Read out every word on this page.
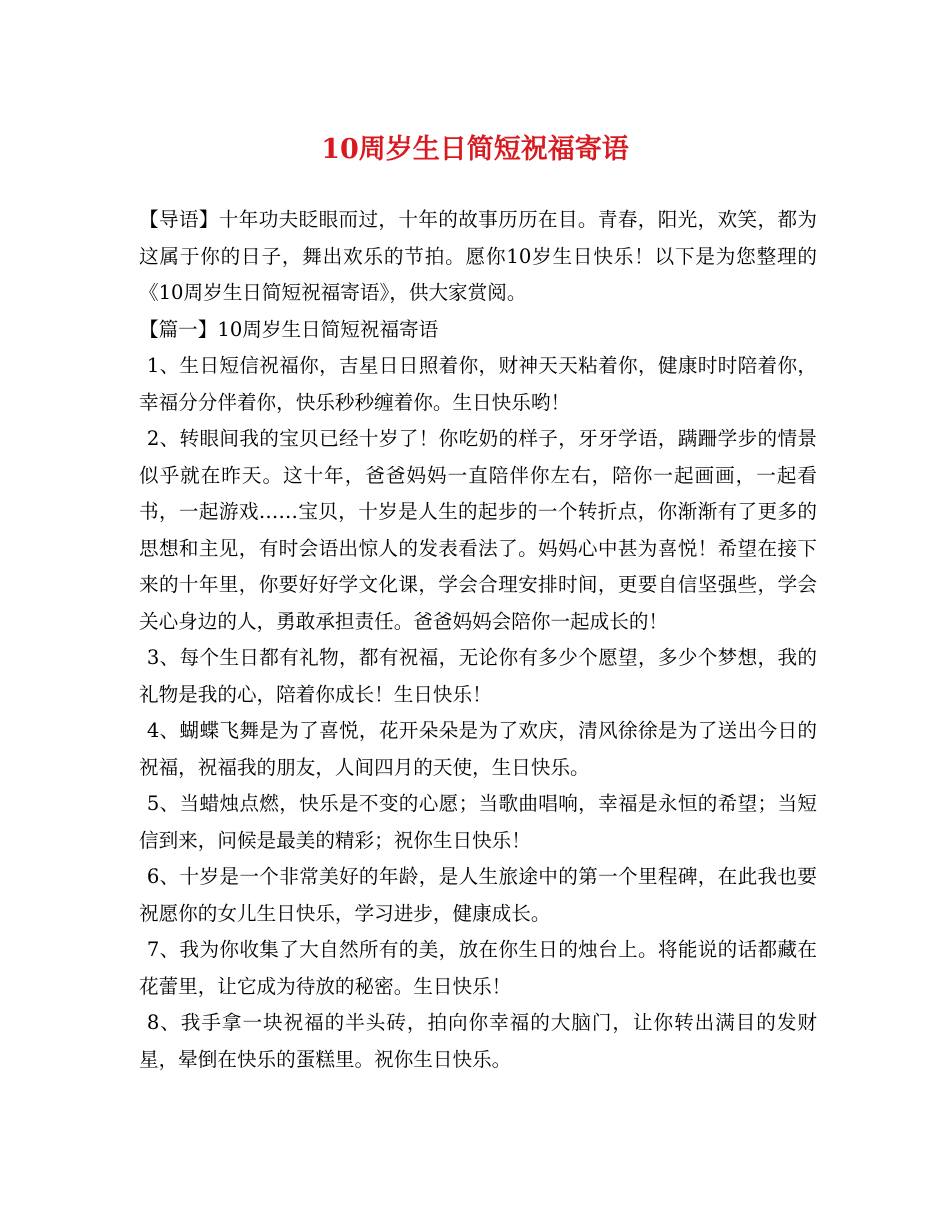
10周岁生日简短祝福寄语

【导语】十年功夫眨眼而过，十年的故事历历在目。青春，阳光，欢笑，都为这属于你的日子，舞出欢乐的节拍。愿你10岁生日快乐！以下是为您整理的《10周岁生日简短祝福寄语》，供大家赏阅。

【篇一】10周岁生日简短祝福寄语

1、生日短信祝福你，吉星日日照着你，财神天天粘着你，健康时时陪着你，幸福分分伴着你，快乐秒秒缠着你。生日快乐哟！

2、转眼间我的宝贝已经十岁了！你吃奶的样子，牙牙学语，蹒跚学步的情景似乎就在昨天。这十年，爸爸妈妈一直陪伴你左右，陪你一起画画，一起看书，一起游戏……宝贝，十岁是人生的起步的一个转折点，你渐渐有了更多的思想和主见，有时会语出惊人的发表看法了。妈妈心中甚为喜悦！希望在接下来的十年里，你要好好学文化课，学会合理安排时间，更要自信坚强些，学会关心身边的人，勇敢承担责任。爸爸妈妈会陪你一起成长的！

3、每个生日都有礼物，都有祝福，无论你有多少个愿望，多少个梦想，我的礼物是我的心，陪着你成长！生日快乐！

4、蝴蝶飞舞是为了喜悦，花开朵朵是为了欢庆，清风徐徐是为了送出今日的祝福，祝福我的朋友，人间四月的天使，生日快乐。

5、当蜡烛点燃，快乐是不变的心愿；当歌曲唱响，幸福是永恒的希望；当短信到来，问候是最美的精彩；祝你生日快乐！

6、十岁是一个非常美好的年龄，是人生旅途中的第一个里程碑，在此我也要祝愿你的女儿生日快乐，学习进步，健康成长。

7、我为你收集了大自然所有的美，放在你生日的烛台上。将能说的话都藏在花蕾里，让它成为待放的秘密。生日快乐！

8、我手拿一块祝福的半头砖，拍向你幸福的大脑门，让你转出满目的发财星，晕倒在快乐的蛋糕里。祝你生日快乐。
